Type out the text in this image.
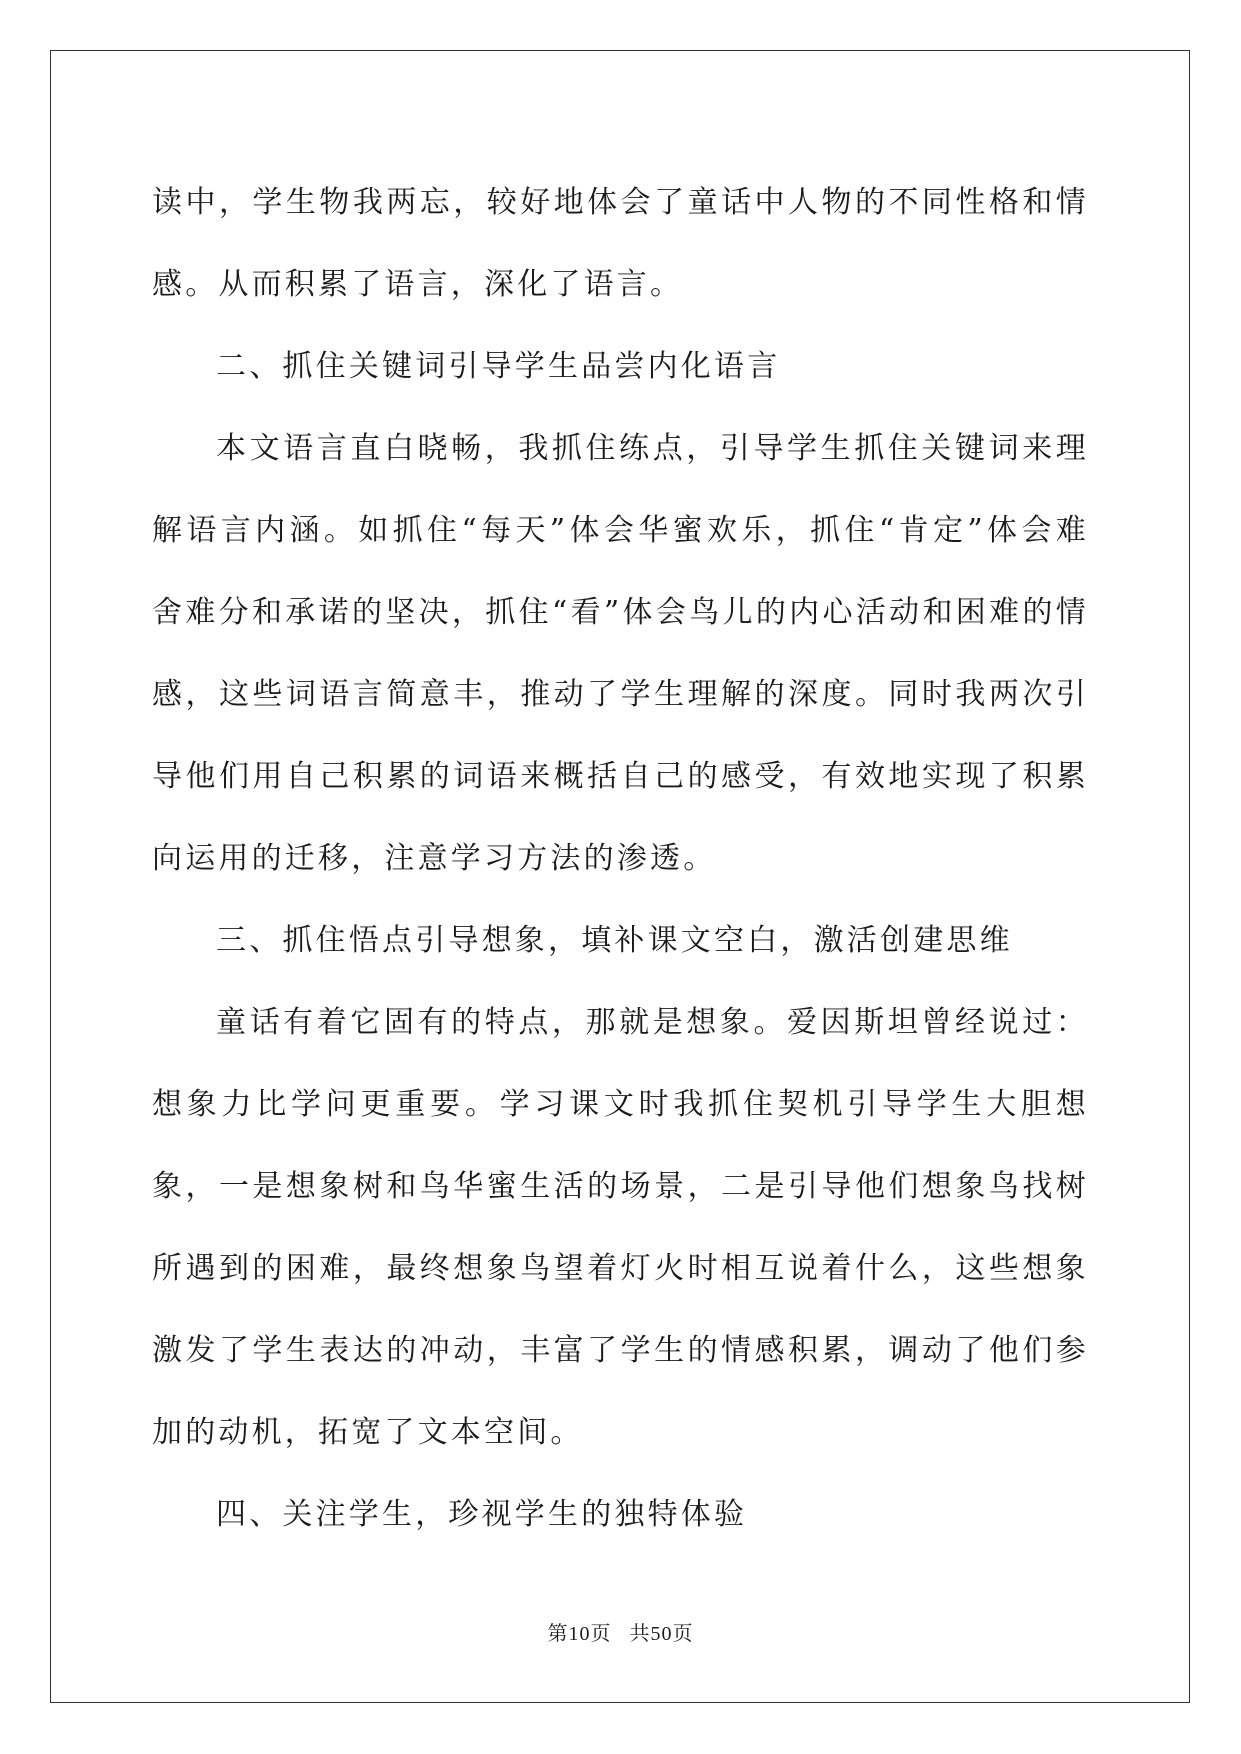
读中，学生物我两忘，较好地体会了童话中人物的不同性格和情感。从而积累了语言，深化了语言。

二、抓住关键词引导学生品尝内化语言

本文语言直白晓畅，我抓住练点，引导学生抓住关键词来理解语言内涵。如抓住“每天”体会华蜜欢乐，抓住“肯定”体会难舍难分和承诺的坚决，抓住“看”体会鸟儿的内心活动和困难的情感，这些词语言简意丰，推动了学生理解的深度。同时我两次引导他们用自己积累的词语来概括自己的感受，有效地实现了积累向运用的迁移，注意学习方法的渗透。

三、抓住悟点引导想象，填补课文空白，激活创建思维

童话有着它固有的特点，那就是想象。爱因斯坦曾经说过：想象力比学问更重要。学习课文时我抓住契机引导学生大胆想象，一是想象树和鸟华蜜生活的场景，二是引导他们想象鸟找树所遇到的困难，最终想象鸟望着灯火时相互说着什么，这些想象激发了学生表达的冲动，丰富了学生的情感积累，调动了他们参加的动机，拓宽了文本空间。

四、关注学生，珍视学生的独特体验

第10页 共50页
